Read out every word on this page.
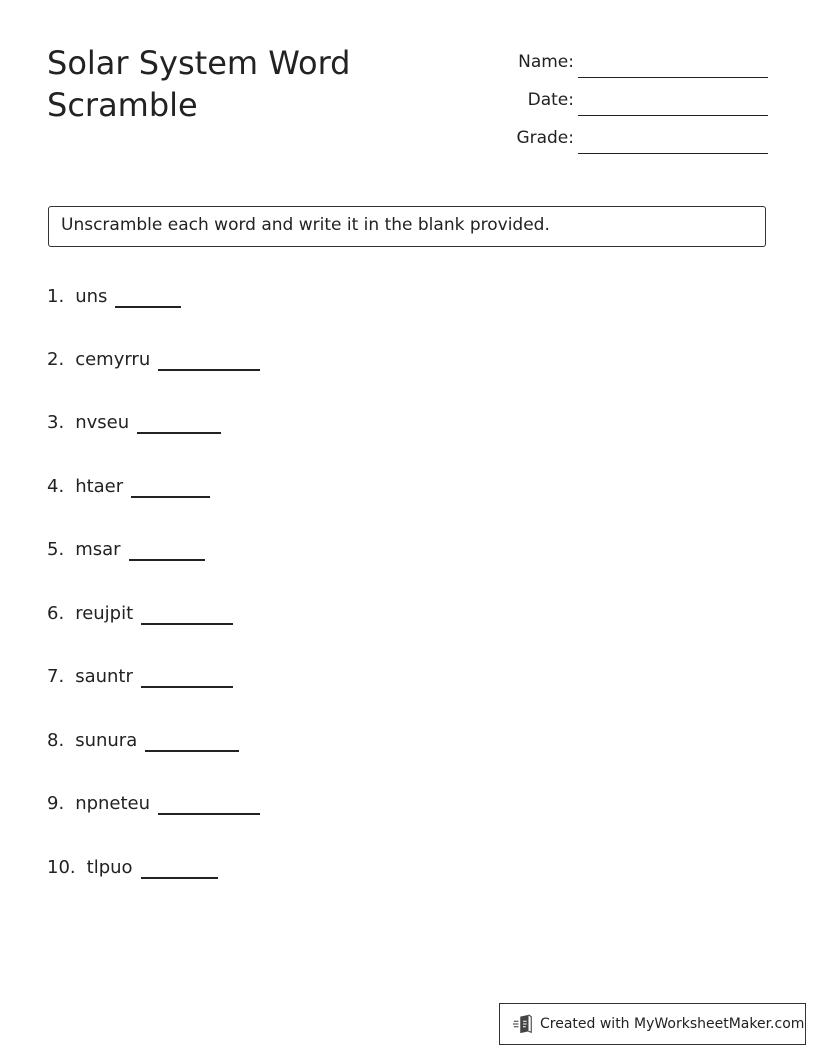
Solar System Word Scramble
Name:
Date:
Grade:
Unscramble each word and write it in the blank provided.
1. uns
2. cemyrru
3. nvseu
4. htaer
5. msar
6. reujpit
7. sauntr
8. sunura
9. npneteu
10. tlpuo
Created with MyWorksheetMaker.com
